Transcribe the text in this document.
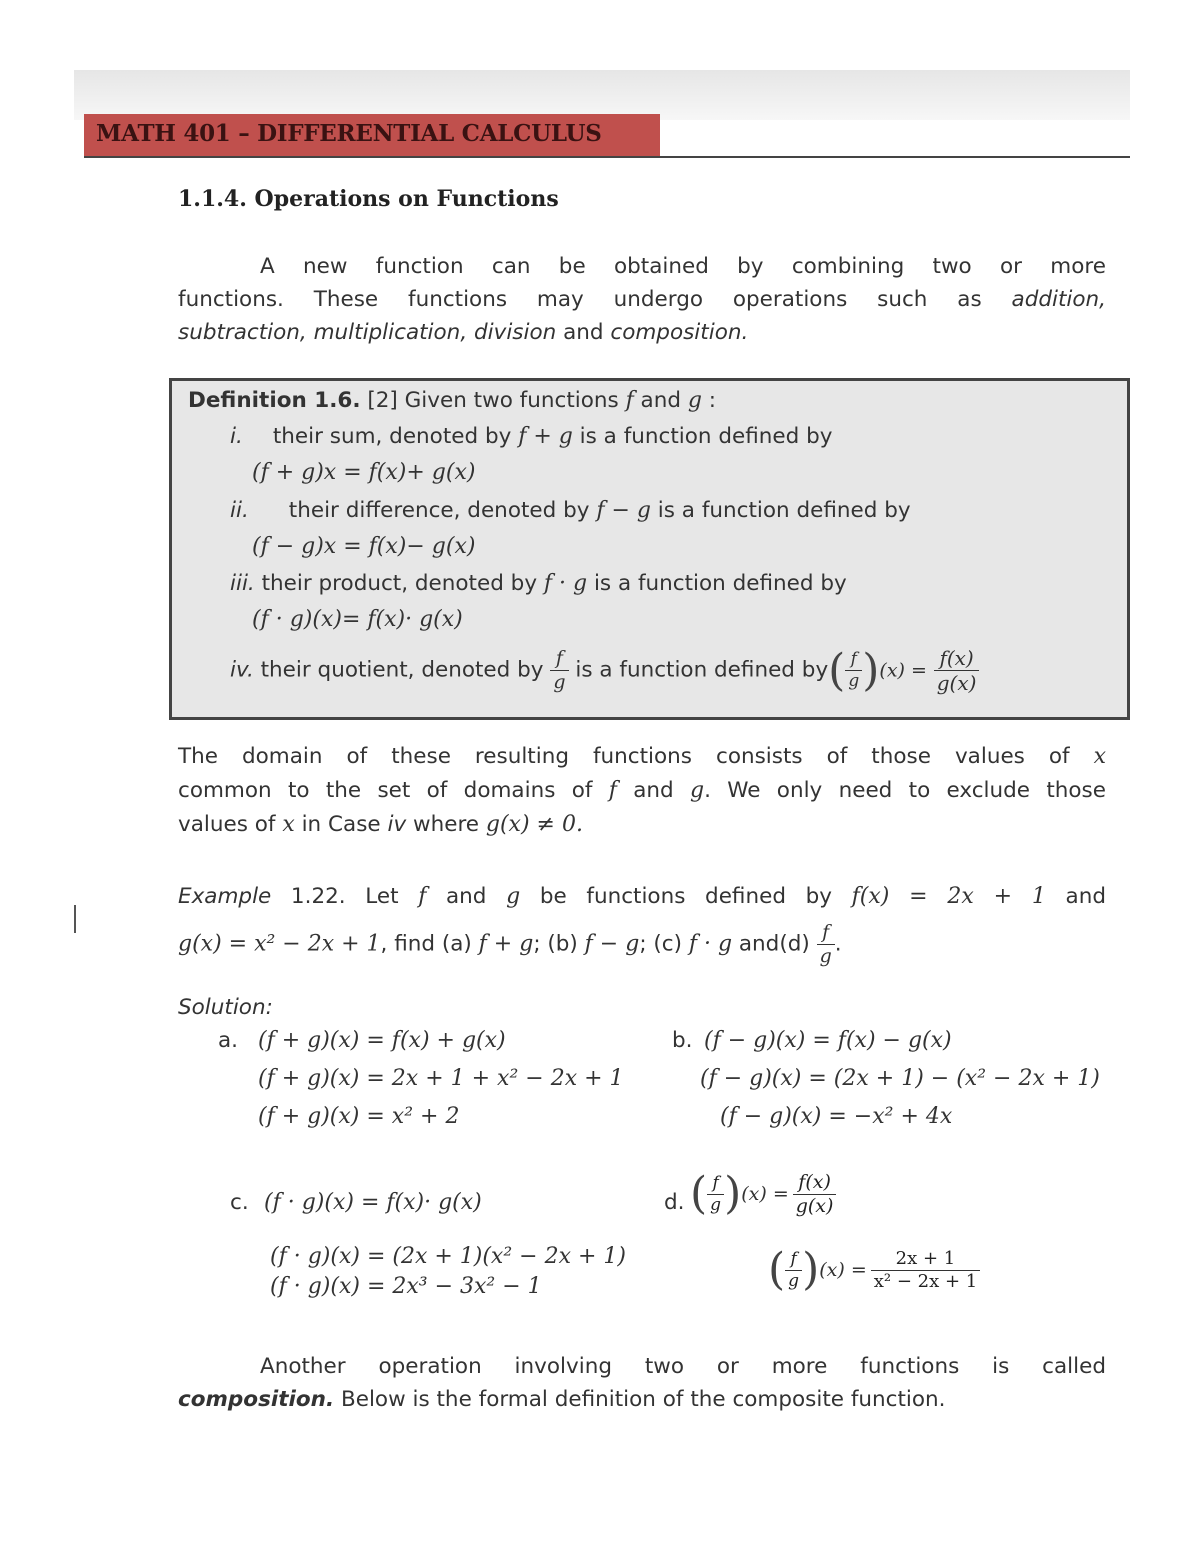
MATH 401 – DIFFERENTIAL CALCULUS
1.1.4. Operations on Functions
A new function can be obtained by combining two or more
functions. These functions may undergo operations such as addition,
subtraction, multiplication, division and composition.
Definition 1.6. [2] Given two functions f and g :
i. their sum, denoted by f + g is a function defined by
(f + g)x = f(x)+ g(x)
ii. their difference, denoted by f − g is a function defined by
(f − g)x = f(x)− g(x)
iii. their product, denoted by f · g is a function defined by
(f · g)(x)= f(x)· g(x)
iv. their quotient, denoted by $\frac{f}{g}$ is a function defined $by( \frac{f}{g} )(x) = \frac{f(x)}{g(x)}$
The domain of these resulting functions consists of those values of x
common to the set of domains of f and g. We only need to exclude those
values of x in Case iv where g(x) ≠ 0.
Example 1.22. Let f and g be functions defined by f(x) = 2x + 1 and
g(x) = x² − 2x + 1, find (a) f + g; (b) f − g; (c) f · g $and(d) \frac{f}{g}$ .
Solution:
a. (f + g)(x) = f(x) + g(x)
(f + g)(x) = 2x + 1 + x² − 2x + 1
(f + g)(x) = x² + 2
b. (f − g)(x) = f(x) − g(x)
(f − g)(x) = (2x + 1) − (x² − 2x + 1)
(f − g)(x) = −x² + 4x
c. (f · g)(x) = f(x)· g(x)
(f · g)(x) = (2x + 1)(x² − 2x + 1)
(f · g)(x) = 2x³ − 3x² − 1
d. ( $\frac{f}{g} )(x) = \frac{f(x)}{g(x)}$
( $\frac{f}{g} )(x) = \frac{2x + 1}{\text{x² − 2x + 1}}$
Another operation involving two or more functions is called
composition. Below is the formal definition of the composite function.
